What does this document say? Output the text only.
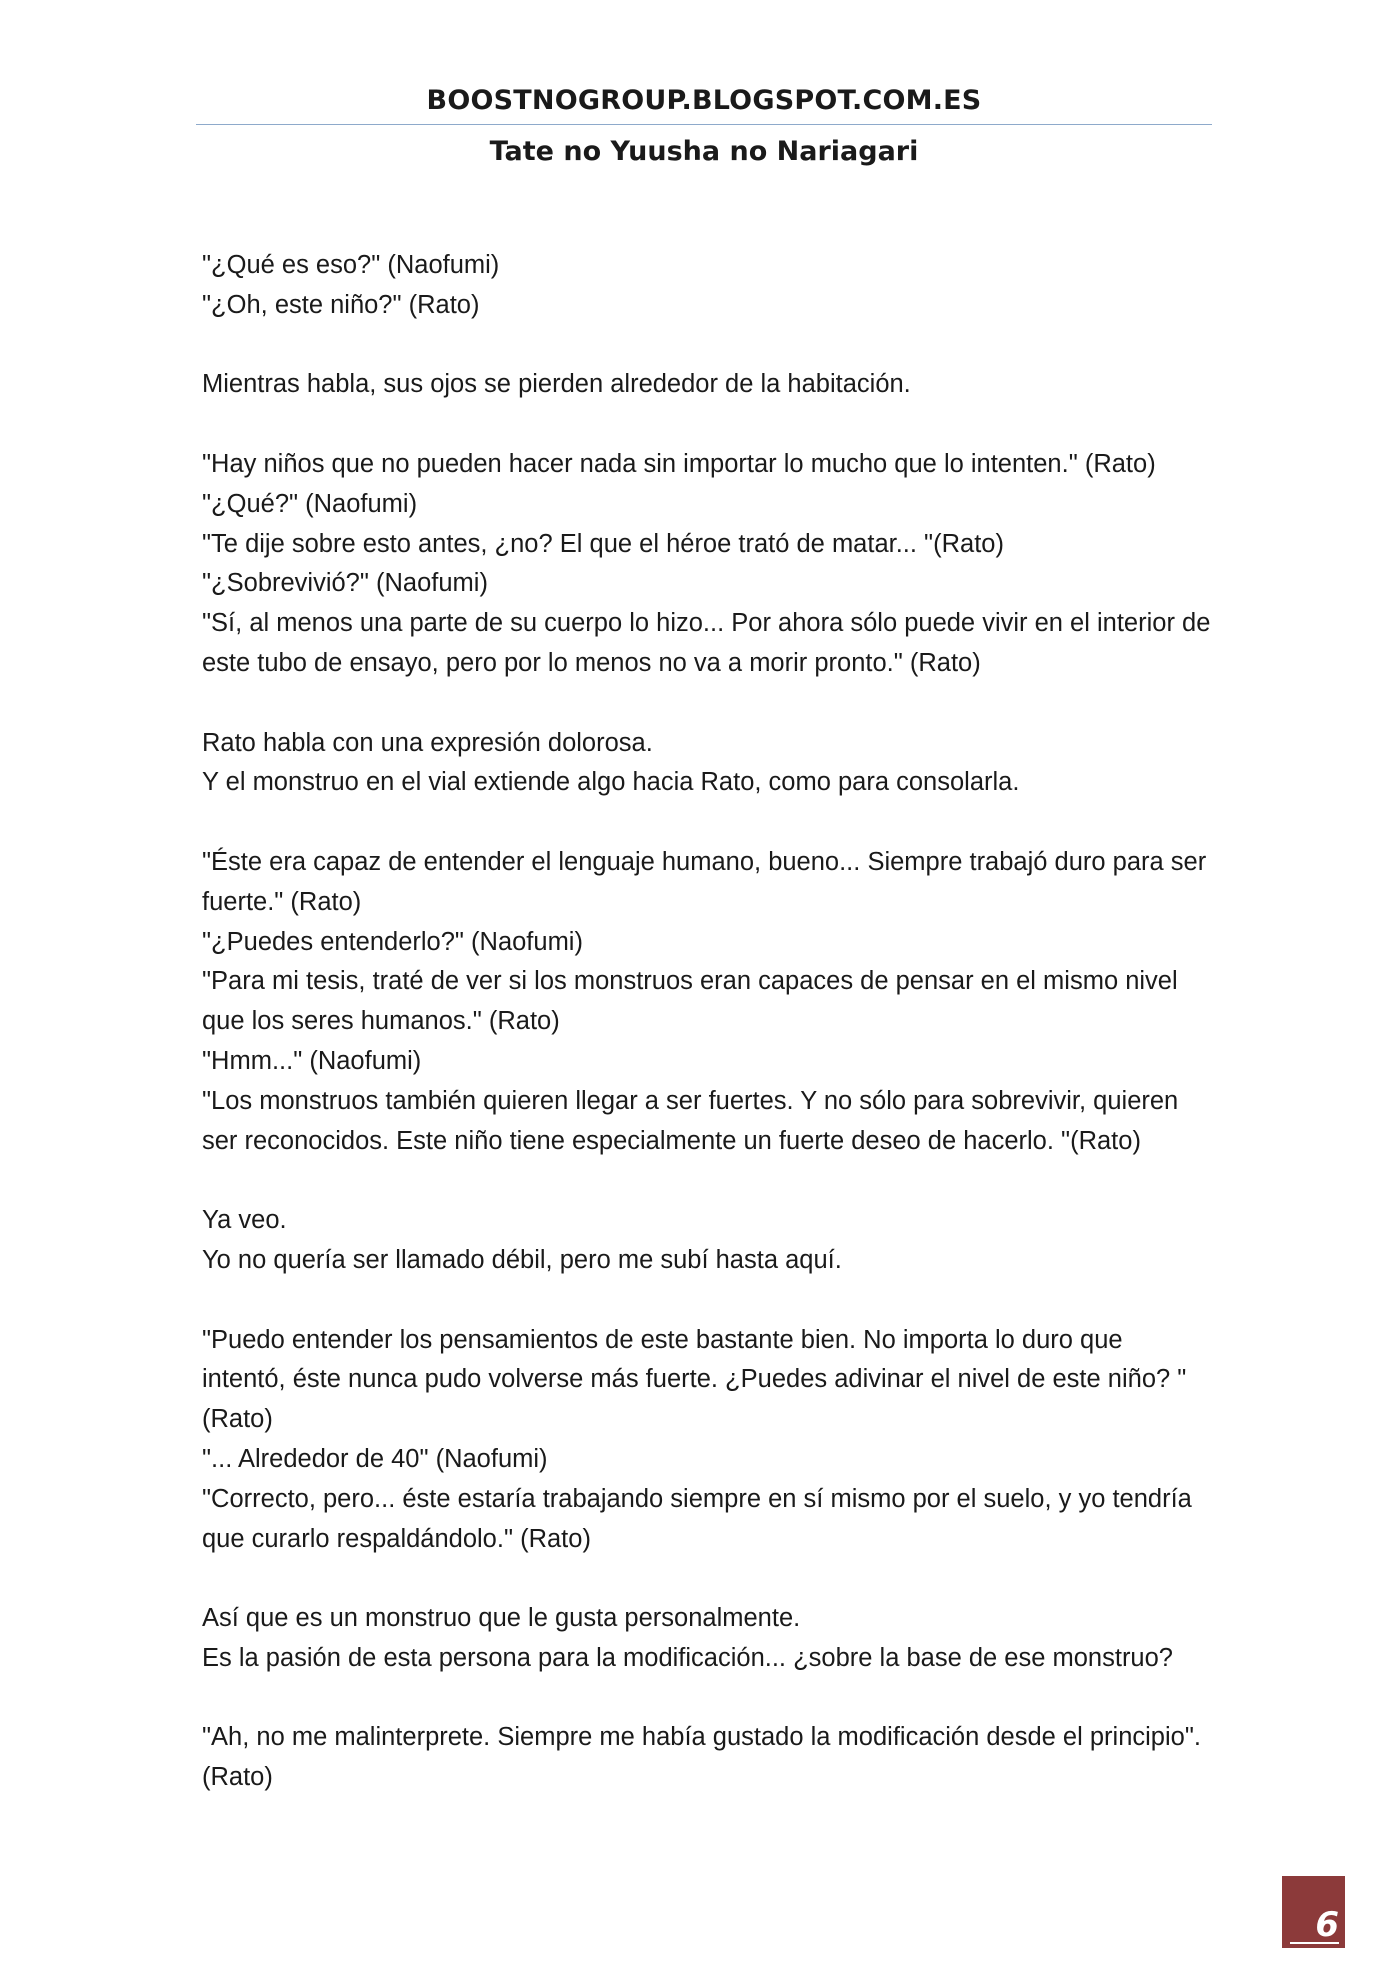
BOOSTNOGROUP.BLOGSPOT.COM.ES
Tate no Yuusha no Nariagari
"¿Qué es eso?" (Naofumi)
"¿Oh, este niño?" (Rato)
Mientras habla, sus ojos se pierden alrededor de la habitación.
"Hay niños que no pueden hacer nada sin importar lo mucho que lo intenten." (Rato)
"¿Qué?" (Naofumi)
"Te dije sobre esto antes, ¿no? El que el héroe trató de matar... "(Rato)
"¿Sobrevivió?" (Naofumi)
"Sí, al menos una parte de su cuerpo lo hizo... Por ahora sólo puede vivir en el interior de este tubo de ensayo, pero por lo menos no va a morir pronto." (Rato)
Rato habla con una expresión dolorosa.
Y el monstruo en el vial extiende algo hacia Rato, como para consolarla.
"Éste era capaz de entender el lenguaje humano, bueno... Siempre trabajó duro para ser fuerte." (Rato)
"¿Puedes entenderlo?" (Naofumi)
"Para mi tesis, traté de ver si los monstruos eran capaces de pensar en el mismo nivel que los seres humanos." (Rato)
"Hmm..." (Naofumi)
"Los monstruos también quieren llegar a ser fuertes. Y no sólo para sobrevivir, quieren ser reconocidos. Este niño tiene especialmente un fuerte deseo de hacerlo. "(Rato)
Ya veo.
Yo no quería ser llamado débil, pero me subí hasta aquí.
"Puedo entender los pensamientos de este bastante bien. No importa lo duro que intentó, éste nunca pudo volverse más fuerte. ¿Puedes adivinar el nivel de este niño? "(Rato)
"... Alrededor de 40" (Naofumi)
"Correcto, pero... éste estaría trabajando siempre en sí mismo por el suelo, y yo tendría que curarlo respaldándolo." (Rato)
Así que es un monstruo que le gusta personalmente.
Es la pasión de esta persona para la modificación... ¿sobre la base de ese monstruo?
"Ah, no me malinterprete. Siempre me había gustado la modificación desde el principio". (Rato)
6
